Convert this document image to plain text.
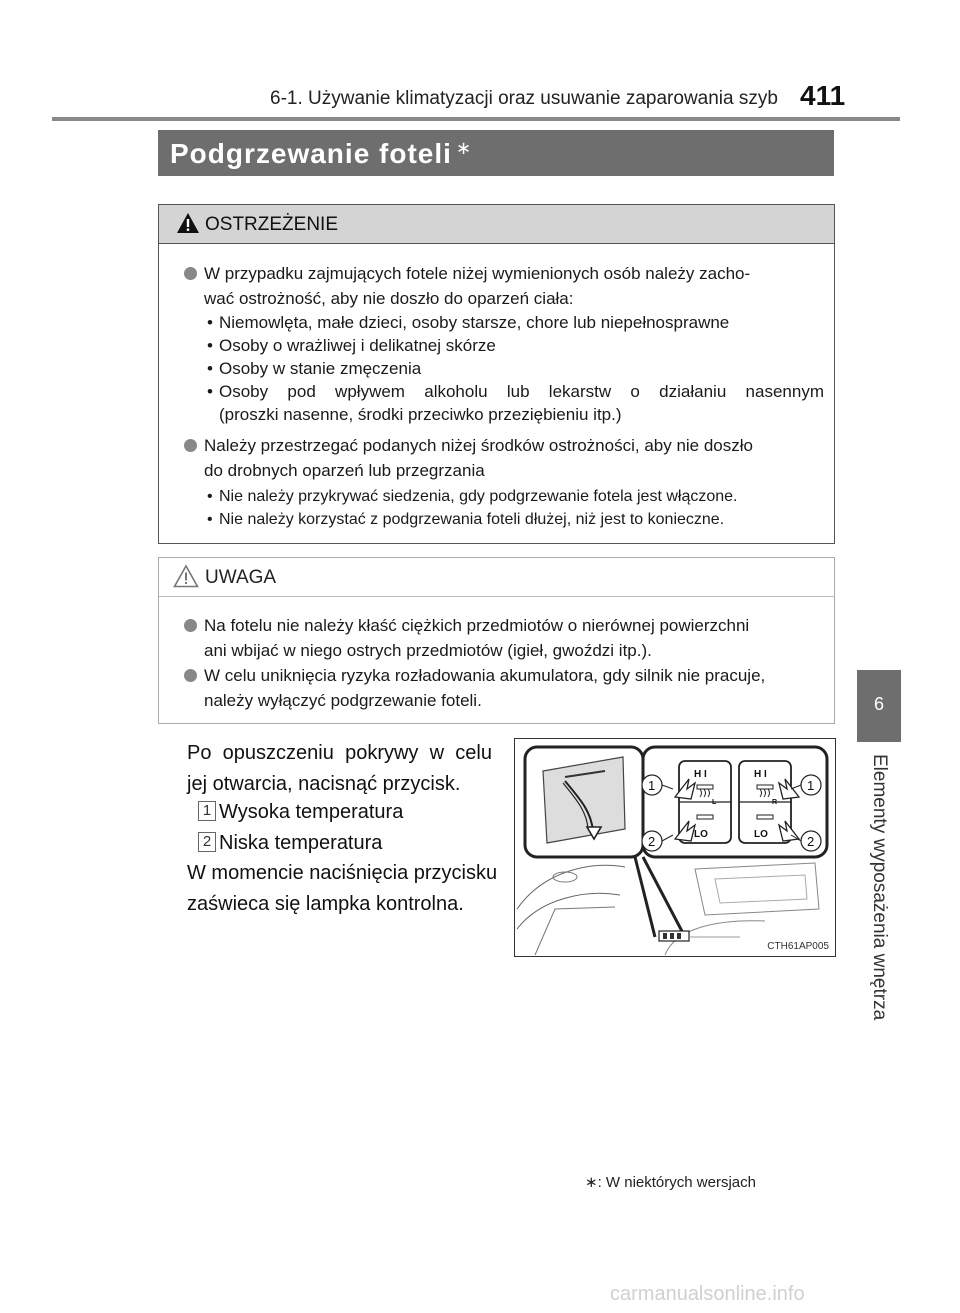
6-1. Używanie klimatyzacji oraz usuwanie zaparowania szyb 411
6
Elementy wyposażenia wnętrza
Podgrzewanie foteli ∗
OSTRZEŻENIE
W przypadku zajmujących fotele niżej wymienionych osób należy zacho-
wać ostrożność, aby nie doszło do oparzeń ciała:
• Niemowlęta, małe dzieci, osoby starsze, chore lub niepełnosprawne
• Osoby o wrażliwej i delikatnej skórze
• Osoby w stanie zmęczenia
• Osoby pod wpływem alkoholu lub lekarstw o działaniu nasennym
(proszki nasenne, środki przeciwko przeziębieniu itp.)
Należy przestrzegać podanych niżej środków ostrożności, aby nie doszło
do drobnych oparzeń lub przegrzania
• Nie należy przykrywać siedzenia, gdy podgrzewanie fotela jest włączone.
• Nie należy korzystać z podgrzewania foteli dłużej, niż jest to konieczne.
UWAGA
Na fotelu nie należy kłaść ciężkich przedmiotów o nierównej powierzchni
ani wbijać w niego ostrych przedmiotów (igieł, gwoździ itp.).
W celu uniknięcia ryzyka rozładowania akumulatora, gdy silnik nie pracuje,
należy wyłączyć podgrzewanie foteli.
Po opuszczeniu pokrywy w celu
jej otwarcia, nacisnąć przycisk.
1 Wysoka temperatura
2 Niska temperatura
W momencie naciśnięcia przycisku
zaświeca się lampka kontrolna.
H I
LO
L
H I
LO
R
1
2
1
2
CTH61AP005
∗: W niektórych wersjach
carmanualsonline.info
